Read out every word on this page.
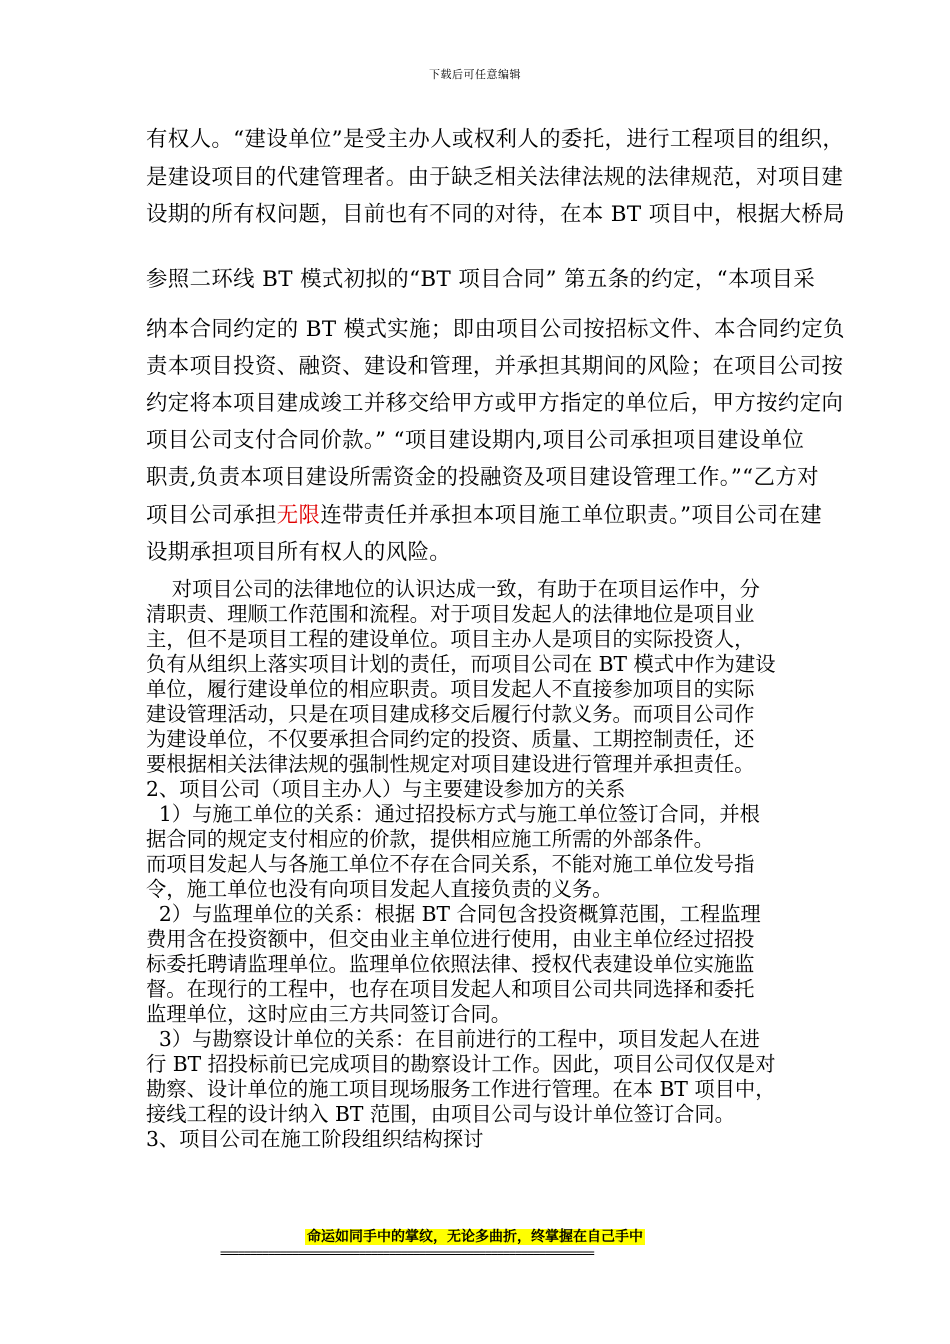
下载后可任意编辑

有权人。“建设单位”是受主办人或权利人的委托，进行工程项目的组织，

是建设项目的代建管理者。由于缺乏相关法律法规的法律规范，对项目建

设期的所有权问题，目前也有不同的对待，在本 BT 项目中，根据大桥局

参照二环线 BT 模式初拟的“BT 项目合同” 第五条的约定，“本项目采

纳本合同约定的 BT 模式实施；即由项目公司按招标文件、本合同约定负

责本项目投资、融资、建设和管理，并承担其期间的风险；在项目公司按

约定将本项目建成竣工并移交给甲方或甲方指定的单位后，甲方按约定向

项目公司支付合同价款。” “项目建设期内,项目公司承担项目建设单位

职责,负责本项目建设所需资金的投融资及项目建设管理工作。”“乙方对

项目公司承担无限连带责任并承担本项目施工单位职责。”项目公司在建

设期承担项目所有权人的风险。

对项目公司的法律地位的认识达成一致，有助于在项目运作中，分

清职责、理顺工作范围和流程。对于项目发起人的法律地位是项目业

主，但不是项目工程的建设单位。项目主办人是项目的实际投资人，

负有从组织上落实项目计划的责任，而项目公司在 BT 模式中作为建设

单位，履行建设单位的相应职责。项目发起人不直接参加项目的实际

建设管理活动，只是在项目建成移交后履行付款义务。而项目公司作

为建设单位，不仅要承担合同约定的投资、质量、工期控制责任，还

要根据相关法律法规的强制性规定对项目建设进行管理并承担责任。

2、项目公司（项目主办人）与主要建设参加方的关系

1）与施工单位的关系：通过招投标方式与施工单位签订合同，并根

据合同的规定支付相应的价款，提供相应施工所需的外部条件。

而项目发起人与各施工单位不存在合同关系，不能对施工单位发号指

令，施工单位也没有向项目发起人直接负责的义务。

2）与监理单位的关系：根据 BT 合同包含投资概算范围，工程监理

费用含在投资额中，但交由业主单位进行使用，由业主单位经过招投

标委托聘请监理单位。监理单位依照法律、授权代表建设单位实施监

督。在现行的工程中，也存在项目发起人和项目公司共同选择和委托

监理单位，这时应由三方共同签订合同。

3）与勘察设计单位的关系：在目前进行的工程中，项目发起人在进

行 BT 招投标前已完成项目的勘察设计工作。因此，项目公司仅仅是对

勘察、设计单位的施工项目现场服务工作进行管理。在本 BT 项目中，

接线工程的设计纳入 BT 范围，由项目公司与设计单位签订合同。

3、项目公司在施工阶段组织结构探讨

命运如同手中的掌纹，无论多曲折，终掌握在自己手中
==============================================================
